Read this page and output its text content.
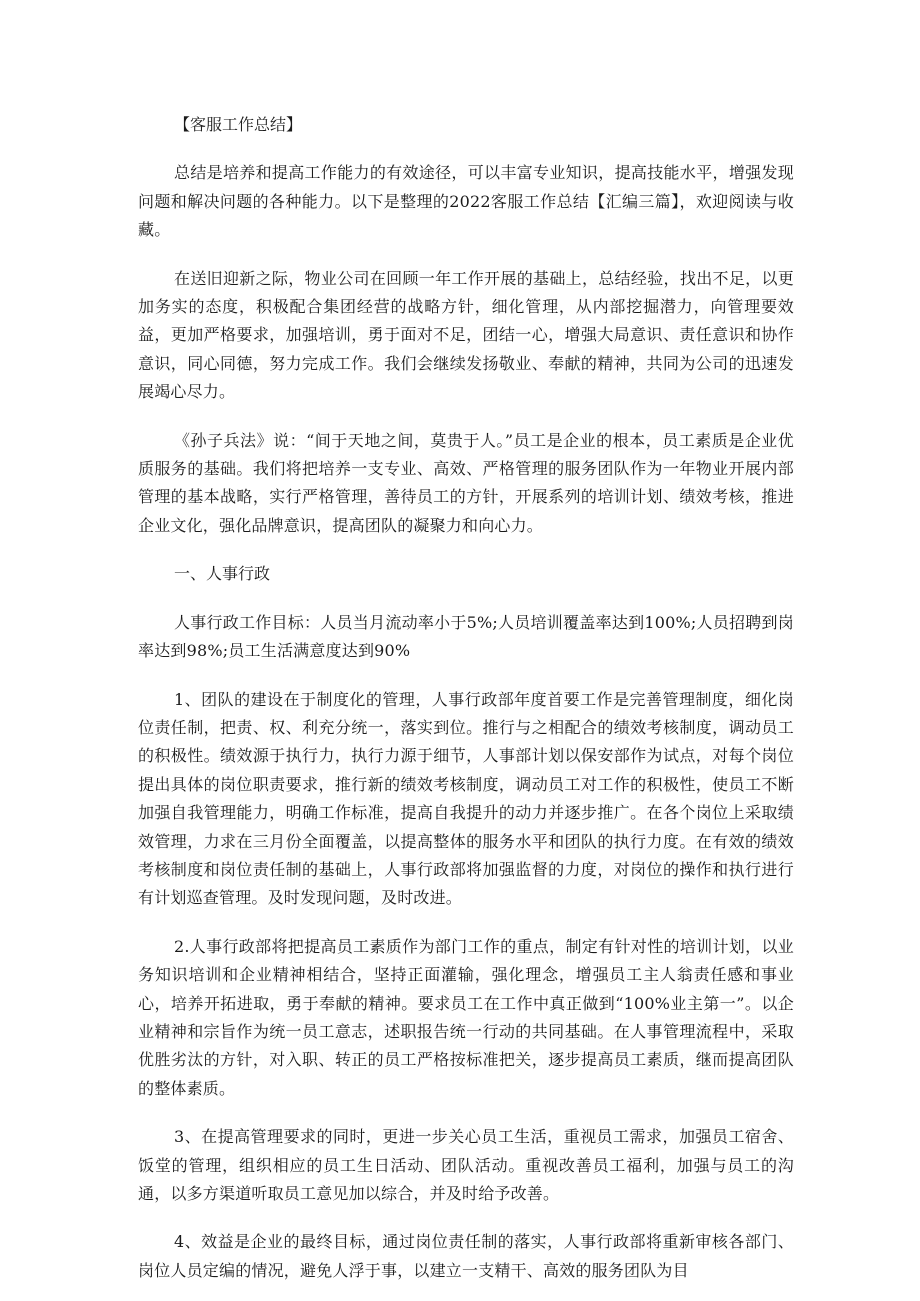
【客服工作总结】

总结是培养和提高工作能力的有效途径，可以丰富专业知识，提高技能水平，增强发现问题和解决问题的各种能力。以下是整理的2022客服工作总结【汇编三篇】，欢迎阅读与收藏。

在送旧迎新之际，物业公司在回顾一年工作开展的基础上，总结经验，找出不足，以更加务实的态度，积极配合集团经营的战略方针，细化管理，从内部挖掘潜力，向管理要效益，更加严格要求，加强培训，勇于面对不足，团结一心，增强大局意识、责任意识和协作意识，同心同德，努力完成工作。我们会继续发扬敬业、奉献的精神，共同为公司的迅速发展竭心尽力。

《孙子兵法》说：“间于天地之间，莫贵于人。”员工是企业的根本，员工素质是企业优质服务的基础。我们将把培养一支专业、高效、严格管理的服务团队作为一年物业开展内部管理的基本战略，实行严格管理，善待员工的方针，开展系列的培训计划、绩效考核，推进企业文化，强化品牌意识，提高团队的凝聚力和向心力。

一、人事行政

人事行政工作目标：人员当月流动率小于5%;人员培训覆盖率达到100%;人员招聘到岗率达到98%;员工生活满意度达到90%

1、团队的建设在于制度化的管理，人事行政部年度首要工作是完善管理制度，细化岗位责任制，把责、权、利充分统一，落实到位。推行与之相配合的绩效考核制度，调动员工的积极性。绩效源于执行力，执行力源于细节，人事部计划以保安部作为试点，对每个岗位提出具体的岗位职责要求，推行新的绩效考核制度，调动员工对工作的积极性，使员工不断加强自我管理能力，明确工作标准，提高自我提升的动力并逐步推广。在各个岗位上采取绩效管理，力求在三月份全面覆盖，以提高整体的服务水平和团队的执行力度。在有效的绩效考核制度和岗位责任制的基础上，人事行政部将加强监督的力度，对岗位的操作和执行进行有计划巡查管理。及时发现问题，及时改进。

2.人事行政部将把提高员工素质作为部门工作的重点，制定有针对性的培训计划，以业务知识培训和企业精神相结合，坚持正面灌输，强化理念，增强员工主人翁责任感和事业心，培养开拓进取，勇于奉献的精神。要求员工在工作中真正做到“100%业主第一”。以企业精神和宗旨作为统一员工意志，述职报告统一行动的共同基础。在人事管理流程中，采取优胜劣汰的方针，对入职、转正的员工严格按标准把关，逐步提高员工素质，继而提高团队的整体素质。

3、在提高管理要求的同时，更进一步关心员工生活，重视员工需求，加强员工宿舍、饭堂的管理，组织相应的员工生日活动、团队活动。重视改善员工福利，加强与员工的沟通，以多方渠道听取员工意见加以综合，并及时给予改善。

4、效益是企业的最终目标，通过岗位责任制的落实，人事行政部将重新审核各部门、岗位人员定编的情况，避免人浮于事，以建立一支精干、高效的服务团队为目
